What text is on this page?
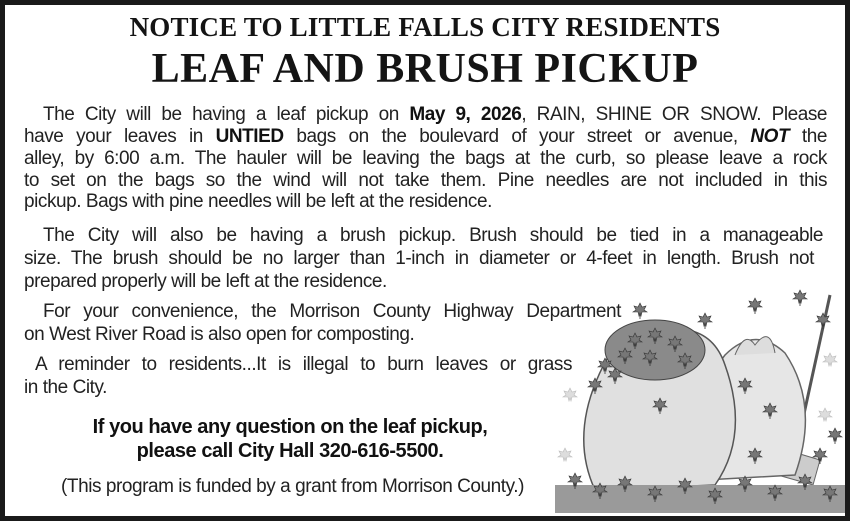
NOTICE TO LITTLE FALLS CITY RESIDENTS
LEAF AND BRUSH PICKUP
The City will be having a leaf pickup on May 9, 2026, RAIN, SHINE OR SNOW. Please
have your leaves in UNTIED bags on the boulevard of your street or avenue, NOT the
alley, by 6:00 a.m. The hauler will be leaving the bags at the curb, so please leave a rock
to set on the bags so the wind will not take them. Pine needles are not included in this
pickup. Bags with pine needles will be left at the residence.
The City will also be having a brush pickup. Brush should be tied in a manageable
size. The brush should be no larger than 1-inch in diameter or 4-feet in length. Brush not
prepared properly will be left at the residence.
For your convenience, the Morrison County Highway Department
on West River Road is also open for composting.
A reminder to residents...It is illegal to burn leaves or grass
in the City.
If you have any question on the leaf pickup,
please call City Hall 320-616-5500.
(This program is funded by a grant from Morrison County.)
